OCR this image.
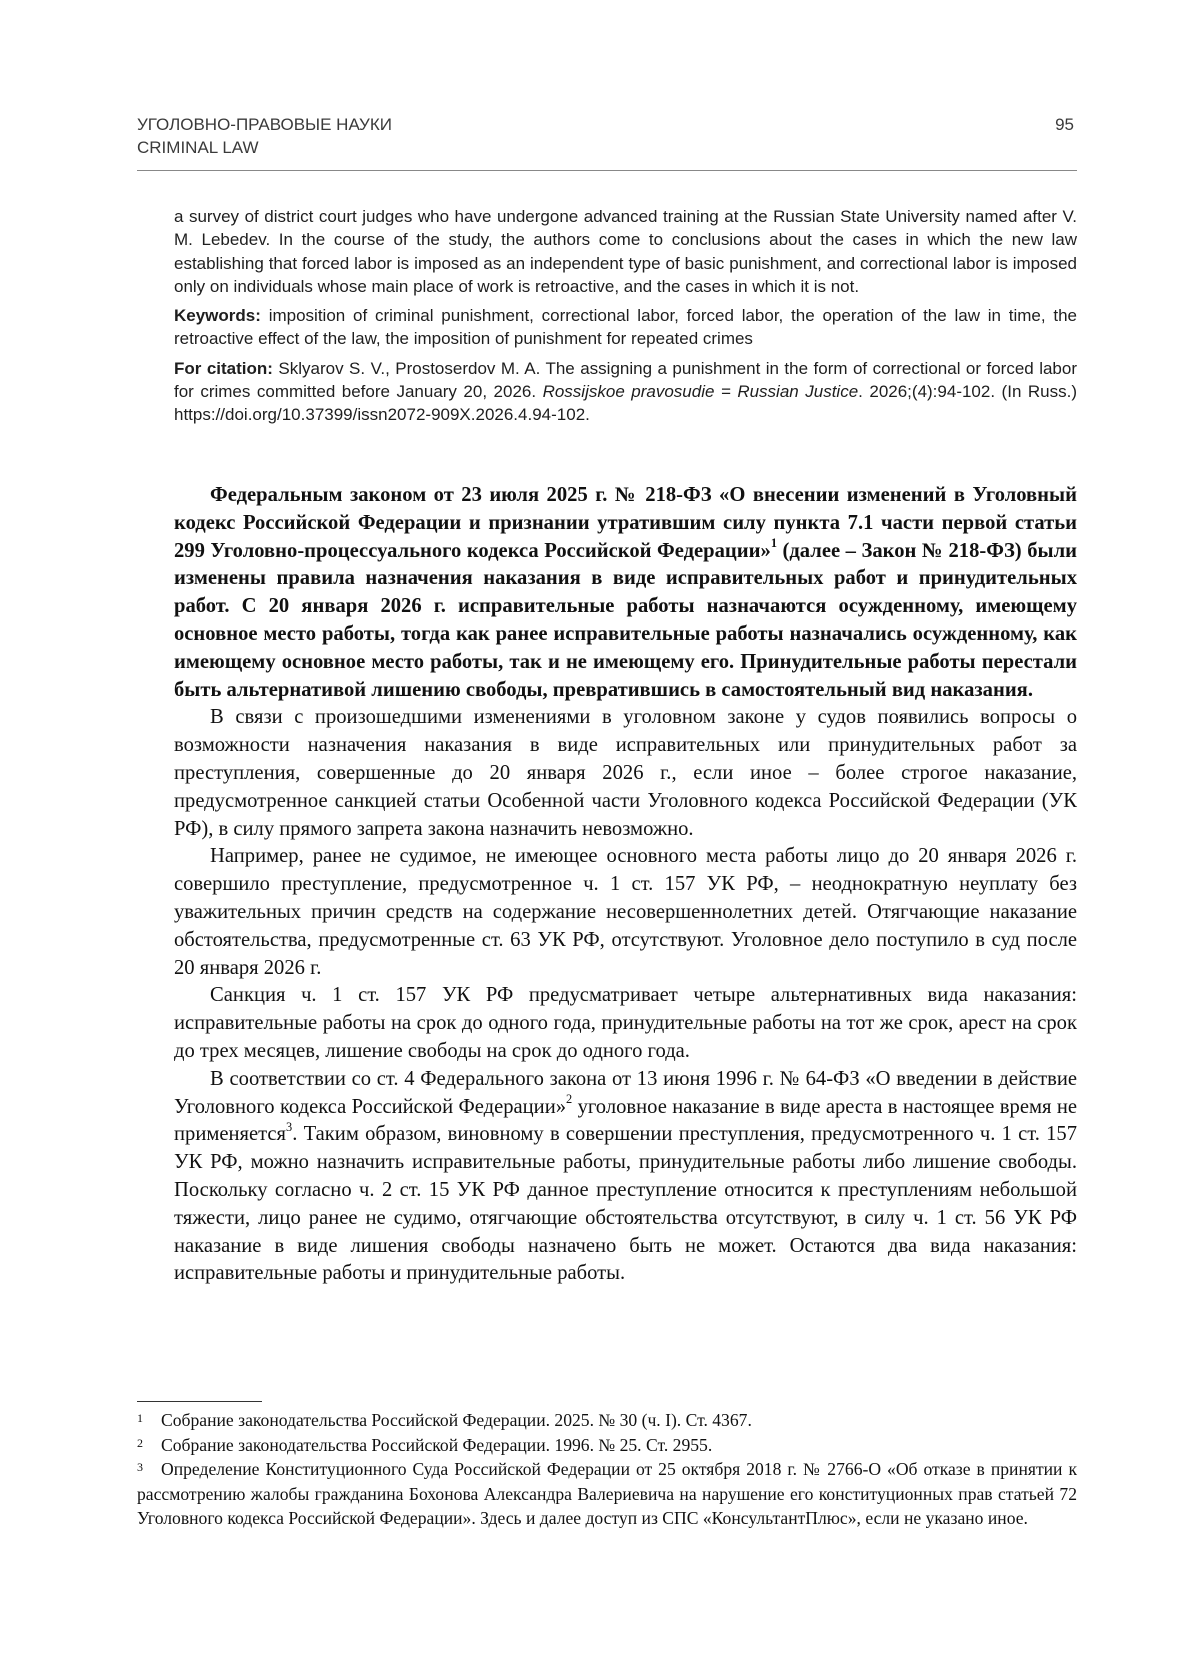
УГОЛОВНО-ПРАВОВЫЕ НАУКИ
CRIMINAL LAW
95

a survey of district court judges who have undergone advanced training at the Russian State University named after V. M. Lebedev. In the course of the study, the authors come to conclusions about the cases in which the new law establishing that forced labor is imposed as an independent type of basic punishment, and correctional labor is imposed only on individuals whose main place of work is retroactive, and the cases in which it is not.

Keywords: imposition of criminal punishment, correctional labor, forced labor, the operation of the law in time, the retroactive effect of the law, the imposition of punishment for repeated crimes

For citation: Sklyarov S. V., Prostoserdov M. A. The assigning a punishment in the form of correctional or forced labor for crimes committed before January 20, 2026. Rossijskoe pravosudie = Russian Justice. 2026;(4):94-102. (In Russ.) https://doi.org/10.37399/issn2072-909X.2026.4.94-102.

Федеральным законом от 23 июля 2025 г. № 218-ФЗ «О внесении изменений в Уголовный кодекс Российской Федерации и признании утратившим силу пункта 7.1 части первой статьи 299 Уголовно-процессуального кодекса Российской Федерации»$^1$ (далее – Закон № 218-ФЗ) были изменены правила назначения наказания в виде исправительных работ и принудительных работ. С 20 января 2026 г. исправительные работы назначаются осужденному, имеющему основное место работы, тогда как ранее исправительные работы назначались осужденному, как имеющему основное место работы, так и не имеющему его. Принудительные работы перестали быть альтернативой лишению свободы, превратившись в самостоятельный вид наказания.

В связи с произошедшими изменениями в уголовном законе у судов появились вопросы о возможности назначения наказания в виде исправительных или принудительных работ за преступления, совершенные до 20 января 2026 г., если иное – более строгое наказание, предусмотренное санкцией статьи Особенной части Уголовного кодекса Российской Федерации (УК РФ), в силу прямого запрета закона назначить невозможно.

Например, ранее не судимое, не имеющее основного места работы лицо до 20 января 2026 г. совершило преступление, предусмотренное ч. 1 ст. 157 УК РФ, – неоднократную неуплату без уважительных причин средств на содержание несовершеннолетних детей. Отягчающие наказание обстоятельства, предусмотренные ст. 63 УК РФ, отсутствуют. Уголовное дело поступило в суд после 20 января 2026 г.

Санкция ч. 1 ст. 157 УК РФ предусматривает четыре альтернативных вида наказания: исправительные работы на срок до одного года, принудительные работы на тот же срок, арест на срок до трех месяцев, лишение свободы на срок до одного года.

В соответствии со ст. 4 Федерального закона от 13 июня 1996 г. № 64-ФЗ «О введении в действие Уголовного кодекса Российской Федерации»$^2$ уголовное наказание в виде ареста в настоящее время не применяется$^3$. Таким образом, виновному в совершении преступления, предусмотренного ч. 1 ст. 157 УК РФ, можно назначить исправительные работы, принудительные работы либо лишение свободы. Поскольку согласно ч. 2 ст. 15 УК РФ данное преступление относится к преступлениям небольшой тяжести, лицо ранее не судимо, отягчающие обстоятельства отсутствуют, в силу ч. 1 ст. 56 УК РФ наказание в виде лишения свободы назначено быть не может. Остаются два вида наказания: исправительные работы и принудительные работы.

1 Собрание законодательства Российской Федерации. 2025. № 30 (ч. I). Ст. 4367.

2 Собрание законодательства Российской Федерации. 1996. № 25. Ст. 2955.

3 Определение Конституционного Суда Российской Федерации от 25 октября 2018 г. № 2766-О «Об отказе в принятии к рассмотрению жалобы гражданина Бохонова Александра Валериевича на нарушение его конституционных прав статьей 72 Уголовного кодекса Российской Федерации». Здесь и далее доступ из СПС «КонсультантПлюс», если не указано иное.
